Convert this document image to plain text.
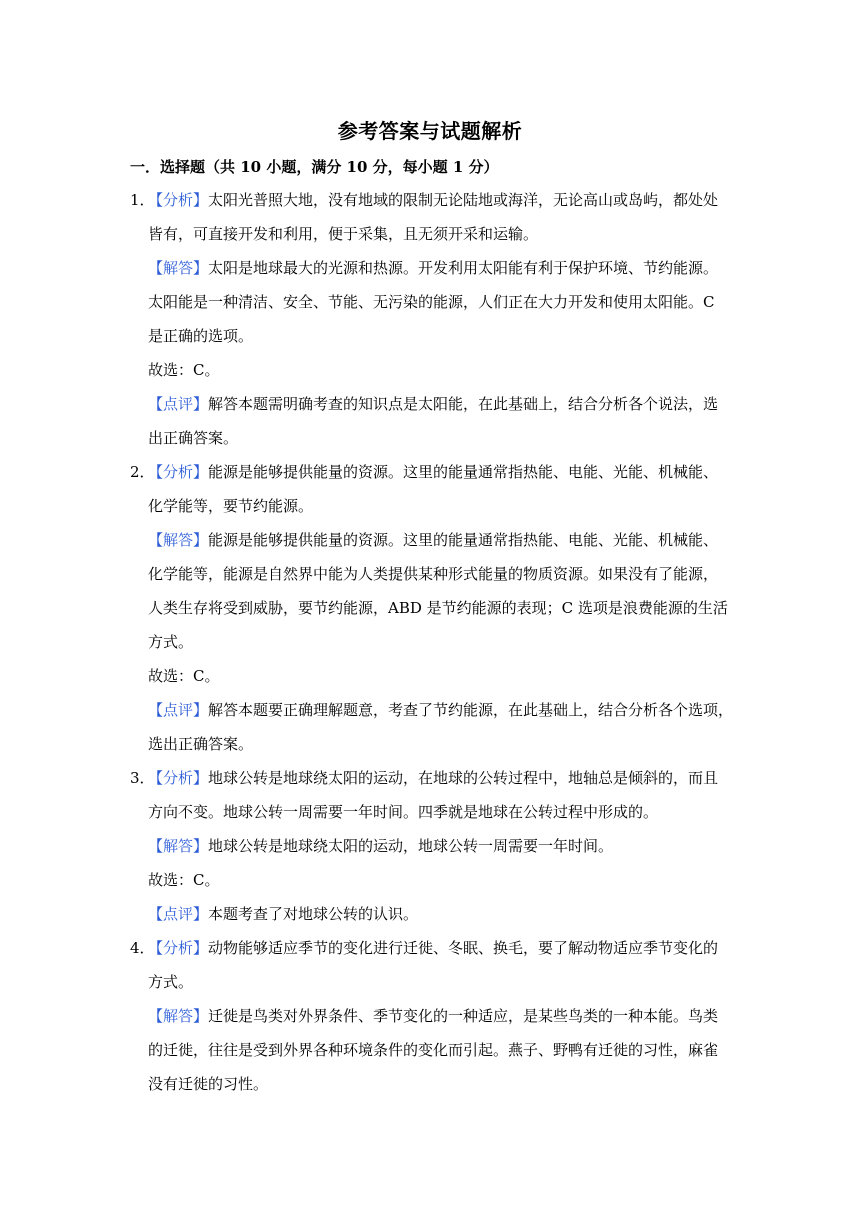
参考答案与试题解析
一．选择题（共 10 小题，满分 10 分，每小题 1 分）
1．【分析】太阳光普照大地，没有地域的限制无论陆地或海洋，无论高山或岛屿，都处处
皆有，可直接开发和利用，便于采集，且无须开采和运输。
【解答】太阳是地球最大的光源和热源。开发利用太阳能有利于保护环境、节约能源。
太阳能是一种清洁、安全、节能、无污染的能源，人们正在大力开发和使用太阳能。C
是正确的选项。
故选：C。
【点评】解答本题需明确考查的知识点是太阳能，在此基础上，结合分析各个说法，选
出正确答案。
2．【分析】能源是能够提供能量的资源。这里的能量通常指热能、电能、光能、机械能、
化学能等，要节约能源。
【解答】能源是能够提供能量的资源。这里的能量通常指热能、电能、光能、机械能、
化学能等，能源是自然界中能为人类提供某种形式能量的物质资源。如果没有了能源，
人类生存将受到威胁，要节约能源，ABD 是节约能源的表现；C 选项是浪费能源的生活
方式。
故选：C。
【点评】解答本题要正确理解题意，考查了节约能源，在此基础上，结合分析各个选项，
选出正确答案。
3．【分析】地球公转是地球绕太阳的运动，在地球的公转过程中，地轴总是倾斜的，而且
方向不变。地球公转一周需要一年时间。四季就是地球在公转过程中形成的。
【解答】地球公转是地球绕太阳的运动，地球公转一周需要一年时间。
故选：C。
【点评】本题考查了对地球公转的认识。
4．【分析】动物能够适应季节的变化进行迁徙、冬眠、换毛，要了解动物适应季节变化的
方式。
【解答】迁徙是鸟类对外界条件、季节变化的一种适应，是某些鸟类的一种本能。鸟类
的迁徙，往往是受到外界各种环境条件的变化而引起。燕子、野鸭有迁徙的习性，麻雀
没有迁徙的习性。
